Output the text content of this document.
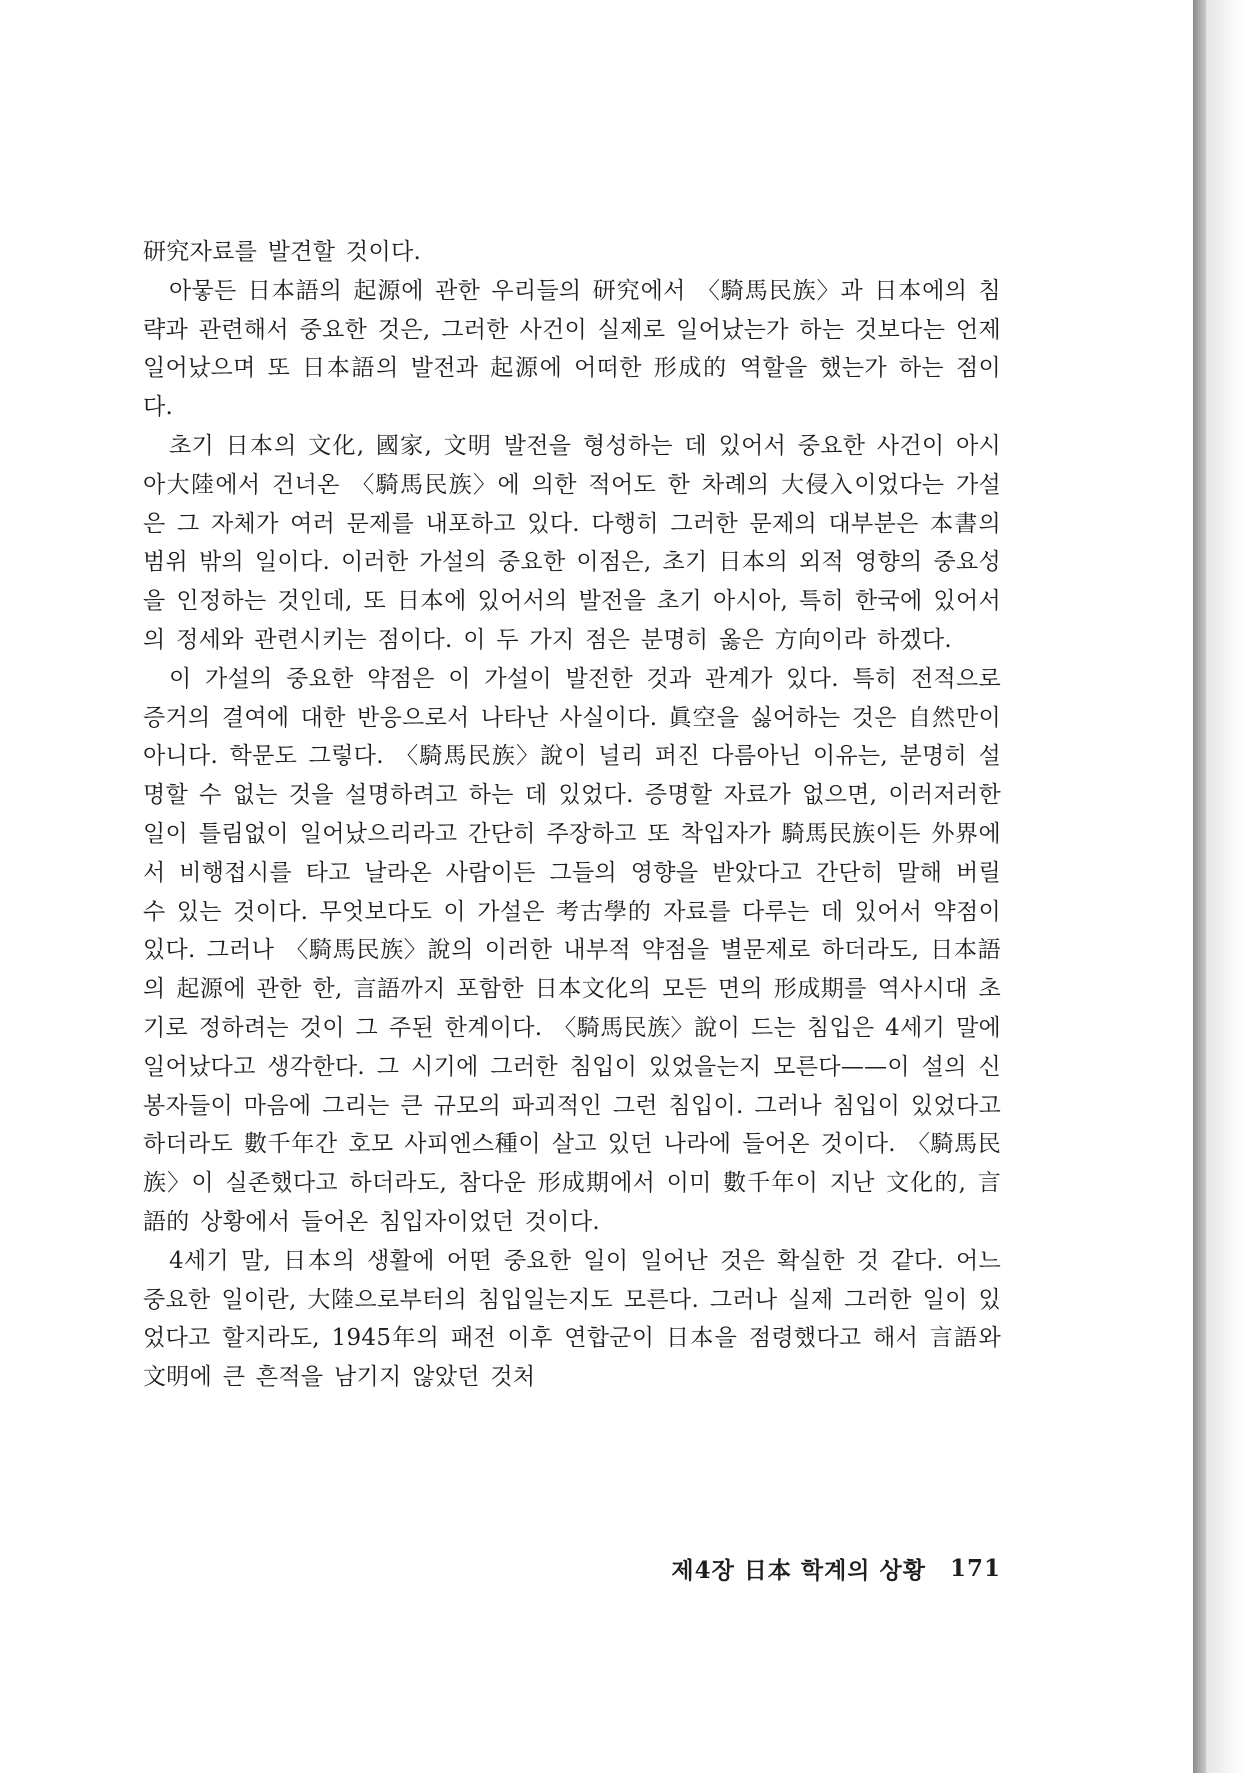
研究자료를 발견할 것이다.

아뭏든 日本語의 起源에 관한 우리들의 研究에서 〈騎馬民族〉과 日本에의 침략과 관련해서 중요한 것은, 그러한 사건이 실제로 일어났는가 하는 것보다는 언제 일어났으며 또 日本語의 발전과 起源에 어떠한 形成的 역할을 했는가 하는 점이다.

초기 日本의 文化, 國家, 文明 발전을 형성하는 데 있어서 중요한 사건이 아시아大陸에서 건너온 〈騎馬民族〉에 의한 적어도 한 차례의 大侵入이었다는 가설은 그 자체가 여러 문제를 내포하고 있다. 다행히 그러한 문제의 대부분은 本書의 범위 밖의 일이다. 이러한 가설의 중요한 이점은, 초기 日本의 외적 영향의 중요성을 인정하는 것인데, 또 日本에 있어서의 발전을 초기 아시아, 특히 한국에 있어서의 정세와 관련시키는 점이다. 이 두 가지 점은 분명히 옳은 方向이라 하겠다.

이 가설의 중요한 약점은 이 가설이 발전한 것과 관계가 있다. 특히 전적으로 증거의 결여에 대한 반응으로서 나타난 사실이다. 眞空을 싫어하는 것은 自然만이 아니다. 학문도 그렇다. 〈騎馬民族〉說이 널리 퍼진 다름아닌 이유는, 분명히 설명할 수 없는 것을 설명하려고 하는 데 있었다. 증명할 자료가 없으면, 이러저러한 일이 틀림없이 일어났으리라고 간단히 주장하고 또 착입자가 騎馬民族이든 外界에서 비행접시를 타고 날라온 사람이든 그들의 영향을 받았다고 간단히 말해 버릴 수 있는 것이다. 무엇보다도 이 가설은 考古學的 자료를 다루는 데 있어서 약점이 있다. 그러나 〈騎馬民族〉說의 이러한 내부적 약점을 별문제로 하더라도, 日本語의 起源에 관한 한, 言語까지 포함한 日本文化의 모든 면의 形成期를 역사시대 초기로 정하려는 것이 그 주된 한계이다. 〈騎馬民族〉說이 드는 침입은 4세기 말에 일어났다고 생각한다. 그 시기에 그러한 침입이 있었을는지 모른다——이 설의 신봉자들이 마음에 그리는 큰 규모의 파괴적인 그런 침입이. 그러나 침입이 있었다고 하더라도 數千年간 호모 사피엔스種이 살고 있던 나라에 들어온 것이다. 〈騎馬民族〉이 실존했다고 하더라도, 참다운 形成期에서 이미 數千年이 지난 文化的, 言語的 상황에서 들어온 침입자이었던 것이다.

4세기 말, 日本의 생활에 어떤 중요한 일이 일어난 것은 확실한 것 같다. 어느 중요한 일이란, 大陸으로부터의 침입일는지도 모른다. 그러나 실제 그러한 일이 있었다고 할지라도, 1945年의 패전 이후 연합군이 日本을 점령했다고 해서 言語와 文明에 큰 흔적을 남기지 않았던 것처

제4장 日本 학계의 상황 171
